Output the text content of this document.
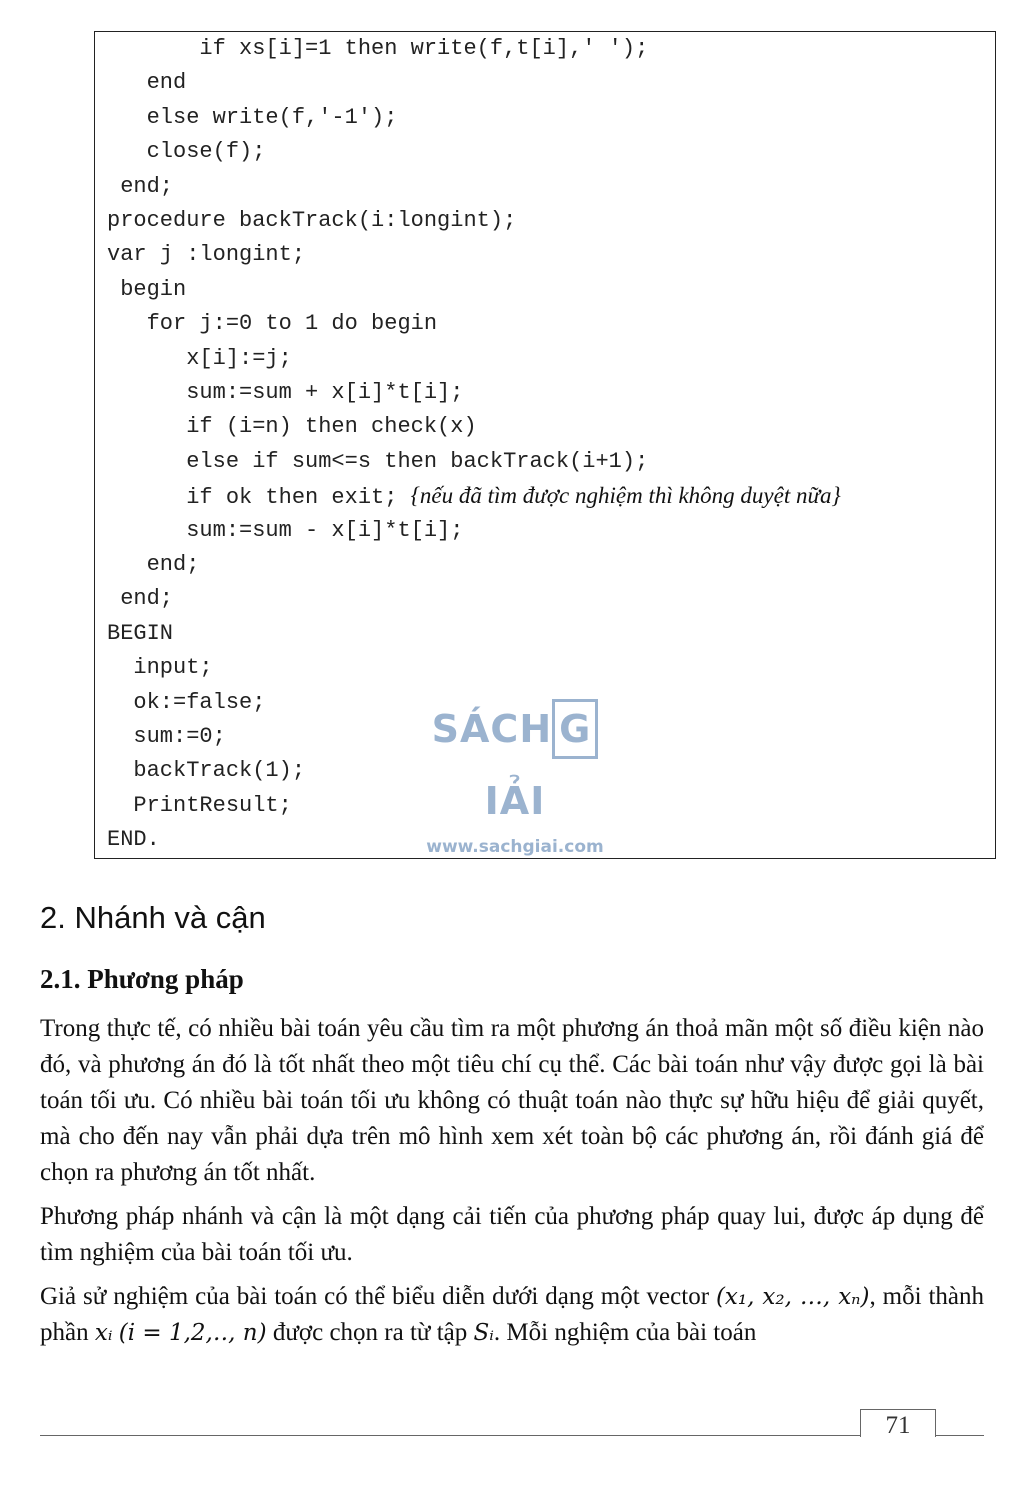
if xs[i]=1 then write(f,t[i],' ');
end
else write(f,'-1');
close(f);
end;
procedure backTrack(i:longint);
var j :longint;
begin
for j:=0 to 1 do begin
x[i]:=j;
sum:=sum + x[i]*t[i];
if (i=n) then check(x)
else if sum<=s then backTrack(i+1);
if ok then exit; {nếu đã tìm được nghiệm thì không duyệt nữa}
sum:=sum - x[i]*t[i];
end;
end;
BEGIN
input;
ok:=false;
sum:=0;
backTrack(1);
PrintResult;
END.
SÁCH GIẢI
www.sachgiai.com
2. Nhánh và cận
2.1. Phương pháp

Trong thực tế, có nhiều bài toán yêu cầu tìm ra một phương án thoả mãn một số điều kiện nào đó, và phương án đó là tốt nhất theo một tiêu chí cụ thể. Các bài toán như vậy được gọi là bài toán tối ưu. Có nhiều bài toán tối ưu không có thuật toán nào thực sự hữu hiệu để giải quyết, mà cho đến nay vẫn phải dựa trên mô hình xem xét toàn bộ các phương án, rồi đánh giá để chọn ra phương án tốt nhất.

Phương pháp nhánh và cận là một dạng cải tiến của phương pháp quay lui, được áp dụng để tìm nghiệm của bài toán tối ưu.

Giả sử nghiệm của bài toán có thể biểu diễn dưới dạng một vector (x₁, x₂, …, xₙ), mỗi thành phần xᵢ (i = 1,2,‥, n) được chọn ra từ tập Sᵢ. Mỗi nghiệm của bài toán

71
